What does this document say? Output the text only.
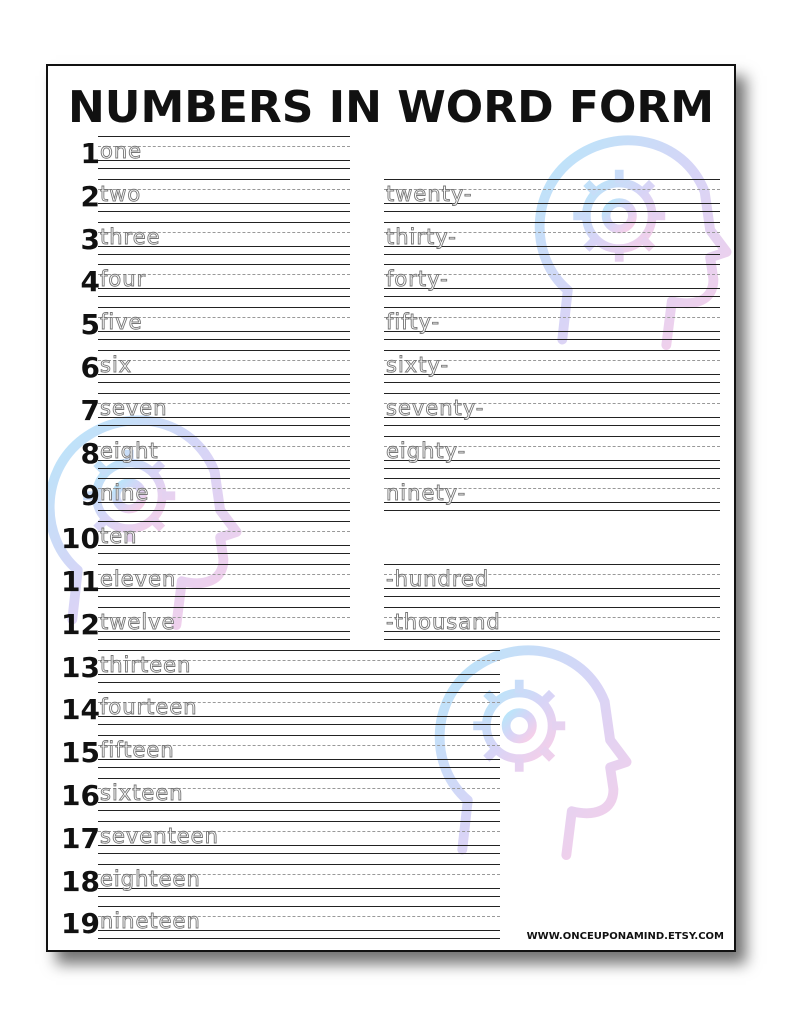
NUMBERS IN WORD FORM
WWW.ONCEUPONAMIND.ETSY.COM
1 one
2 two
3 three
4 four
5 five
6 six
7 seven
8 eight
9 nine
10 ten
11 eleven
12 twelve
13 thirteen
14 fourteen
15 fifteen
16 sixteen
17 seventeen
18 eighteen
19 nineteen
twenty-
thirty-
forty-
fifty-
sixty-
seventy-
eighty-
ninety-
-hundred
-thousand
